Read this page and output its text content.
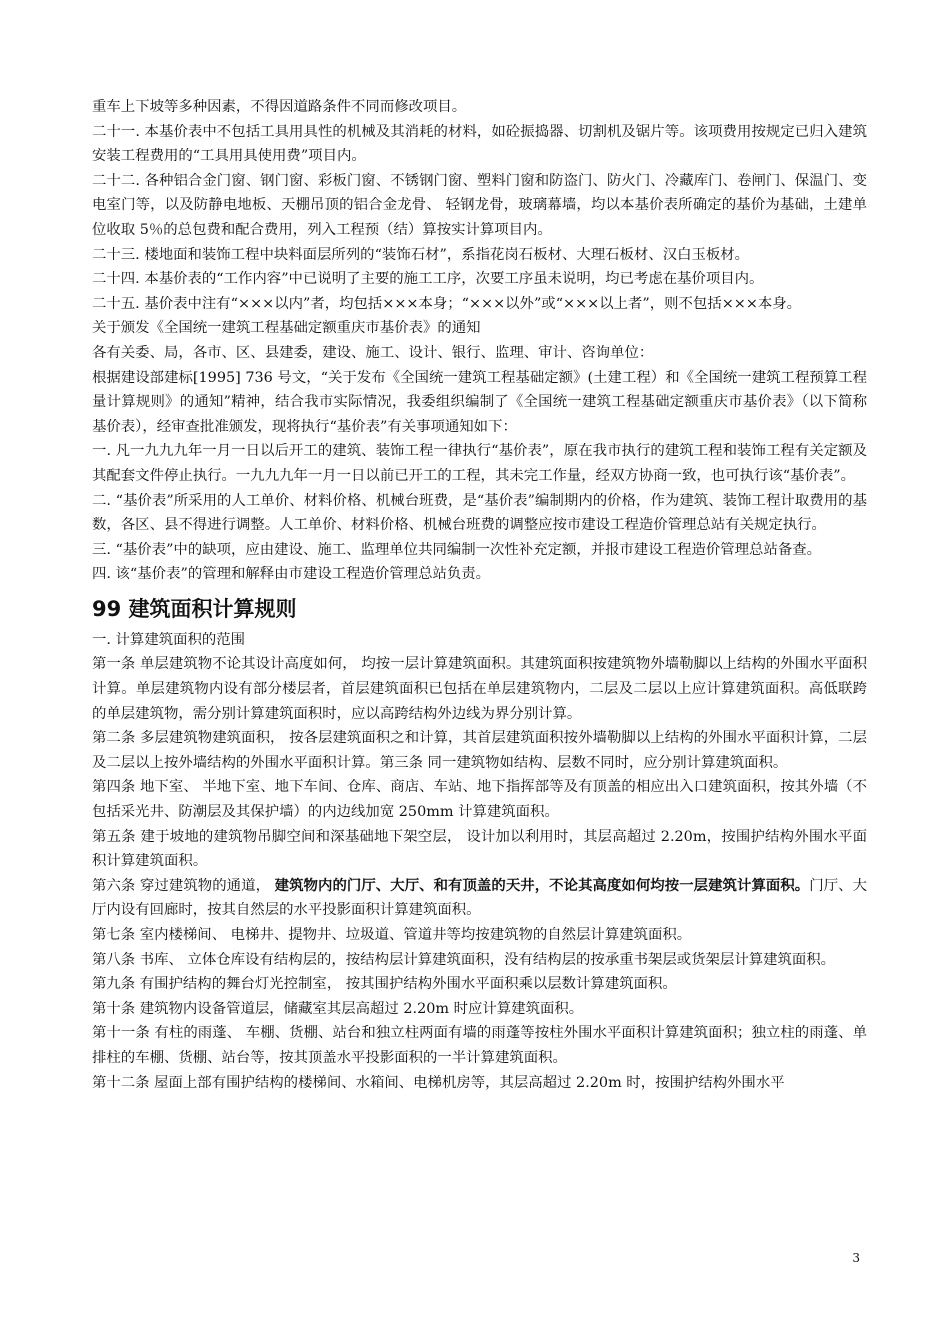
重车上下坡等多种因素，不得因道路条件不同而修改项目。

二十一. 本基价表中不包括工具用具性的机械及其消耗的材料，如砼振捣器、切割机及锯片等。该项费用按规定已归入建筑安装工程费用的“工具用具使用费”项目内。

二十二. 各种铝合金门窗、钢门窗、彩板门窗、不锈钢门窗、塑料门窗和防盗门、防火门、冷藏库门、卷闸门、保温门、变电室门等，以及防静电地板、天棚吊顶的铝合金龙骨、 轻钢龙骨，玻璃幕墙，均以本基价表所确定的基价为基础，土建单位收取 5％的总包费和配合费用，列入工程预（结）算按实计算项目内。

二十三. 楼地面和装饰工程中块料面层所列的“装饰石材”，系指花岗石板材、大理石板材、汉白玉板材。

二十四. 本基价表的“工作内容”中已说明了主要的施工工序，次要工序虽未说明，均已考虑在基价项目内。

二十五. 基价表中注有“×××以内”者，均包括×××本身；“×××以外”或“×××以上者”，则不包括×××本身。

关于颁发《全国统一建筑工程基础定额重庆市基价表》的通知

各有关委、局，各市、区、县建委，建设、施工、设计、银行、监理、审计、咨询单位：

根据建设部建标[1995] 736 号文，“关于发布《全国统一建筑工程基础定额》(土建工程）和《全国统一建筑工程预算工程量计算规则》的通知”精神，结合我市实际情况，我委组织编制了《全国统一建筑工程基础定额重庆市基价表》（以下简称基价表），经审查批准颁发，现将执行“基价表”有关事项通知如下：

一. 凡一九九九年一月一日以后开工的建筑、装饰工程一律执行“基价表”，原在我市执行的建筑工程和装饰工程有关定额及其配套文件停止执行。一九九九年一月一日以前已开工的工程，其未完工作量，经双方协商一致，也可执行该“基价表”。

二. “基价表”所采用的人工单价、材料价格、机械台班费，是“基价表”编制期内的价格，作为建筑、装饰工程计取费用的基数，各区、县不得进行调整。人工单价、材料价格、机械台班费的调整应按市建设工程造价管理总站有关规定执行。

三. “基价表”中的缺项，应由建设、施工、监理单位共同编制一次性补充定额，并报市建设工程造价管理总站备查。

四. 该“基价表”的管理和解释由市建设工程造价管理总站负责。

99 建筑面积计算规则

一. 计算建筑面积的范围

第一条 单层建筑物不论其设计高度如何， 均按一层计算建筑面积。其建筑面积按建筑物外墙勒脚以上结构的外围水平面积计算。单层建筑物内设有部分楼层者，首层建筑面积已包括在单层建筑物内，二层及二层以上应计算建筑面积。高低联跨的单层建筑物，需分别计算建筑面积时，应以高跨结构外边线为界分别计算。

第二条 多层建筑物建筑面积， 按各层建筑面积之和计算，其首层建筑面积按外墙勒脚以上结构的外围水平面积计算，二层及二层以上按外墙结构的外围水平面积计算。第三条 同一建筑物如结构、层数不同时，应分别计算建筑面积。

第四条 地下室、 半地下室、地下车间、仓库、商店、车站、地下指挥部等及有顶盖的相应出入口建筑面积，按其外墙（不包括采光井、防潮层及其保护墙）的内边线加宽 250mm 计算建筑面积。

第五条 建于坡地的建筑物吊脚空间和深基础地下架空层， 设计加以利用时，其层高超过 2.20m，按围护结构外围水平面积计算建筑面积。

第六条 穿过建筑物的通道， 建筑物内的门厅、大厅、和有顶盖的天井，不论其高度如何均按一层建筑计算面积。门厅、大厅内设有回廊时，按其自然层的水平投影面积计算建筑面积。

第七条 室内楼梯间、 电梯井、提物井、垃圾道、管道井等均按建筑物的自然层计算建筑面积。

第八条 书库、 立体仓库设有结构层的，按结构层计算建筑面积，没有结构层的按承重书架层或货架层计算建筑面积。

第九条 有围护结构的舞台灯光控制室， 按其围护结构外围水平面积乘以层数计算建筑面积。

第十条 建筑物内设备管道层，储藏室其层高超过 2.20m 时应计算建筑面积。

第十一条 有柱的雨蓬、 车棚、货棚、站台和独立柱两面有墙的雨蓬等按柱外围水平面积计算建筑面积；独立柱的雨蓬、单排柱的车棚、货棚、站台等，按其顶盖水平投影面积的一半计算建筑面积。

第十二条 屋面上部有围护结构的楼梯间、水箱间、电梯机房等，其层高超过 2.20m 时，按围护结构外围水平

3
